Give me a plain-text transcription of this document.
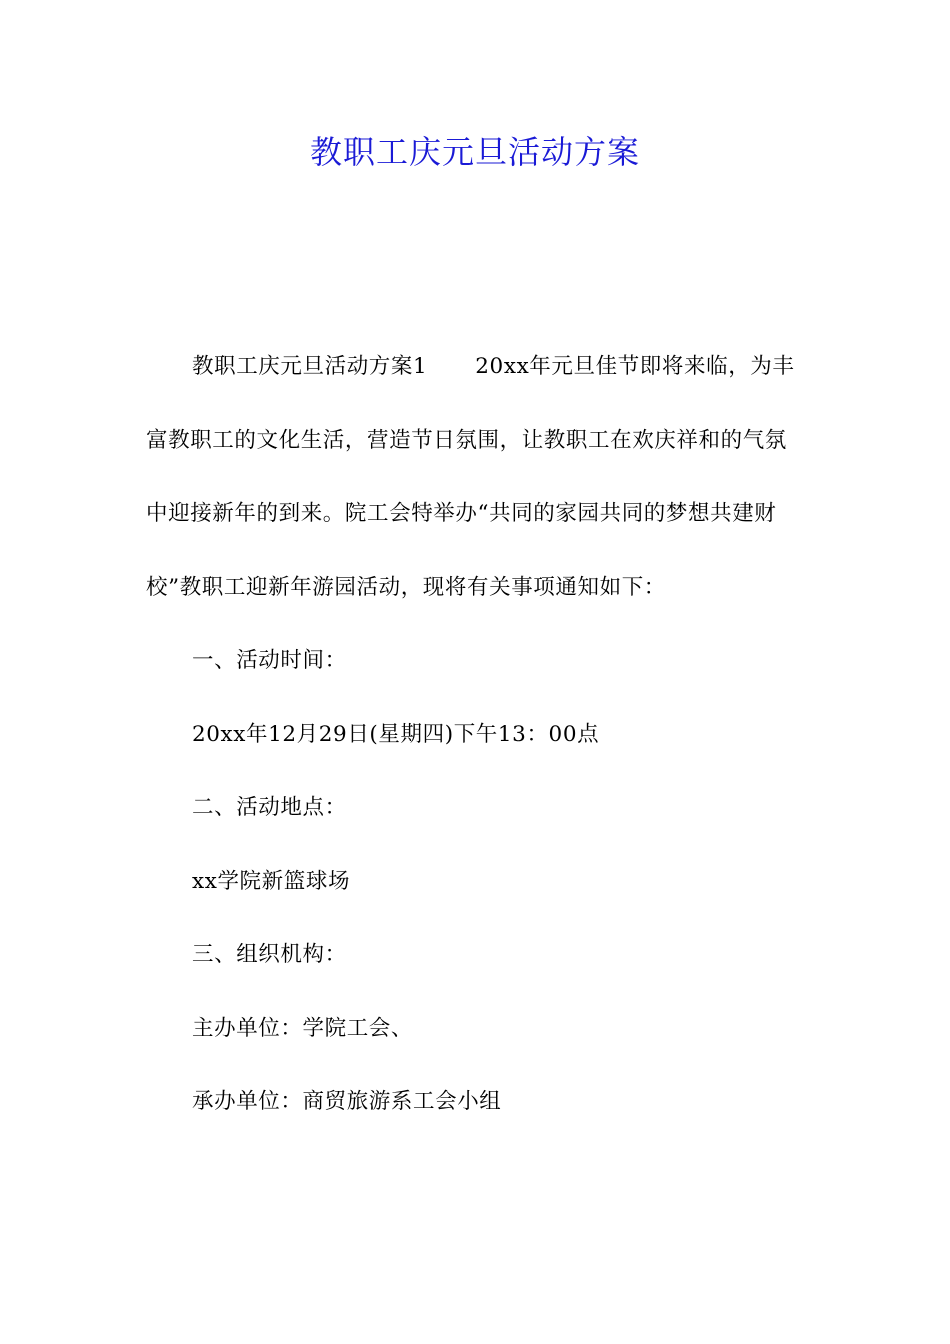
教职工庆元旦活动方案

教职工庆元旦活动方案1 20xx年元旦佳节即将来临，为丰富教职工的文化生活，营造节日氛围，让教职工在欢庆祥和的气氛中迎接新年的到来。院工会特举办“共同的家园共同的梦想共建财校”教职工迎新年游园活动，现将有关事项通知如下：

一、活动时间：

20xx年12月29日(星期四)下午13：00点

二、活动地点：

xx学院新篮球场

三、组织机构：

主办单位：学院工会、

承办单位：商贸旅游系工会小组
